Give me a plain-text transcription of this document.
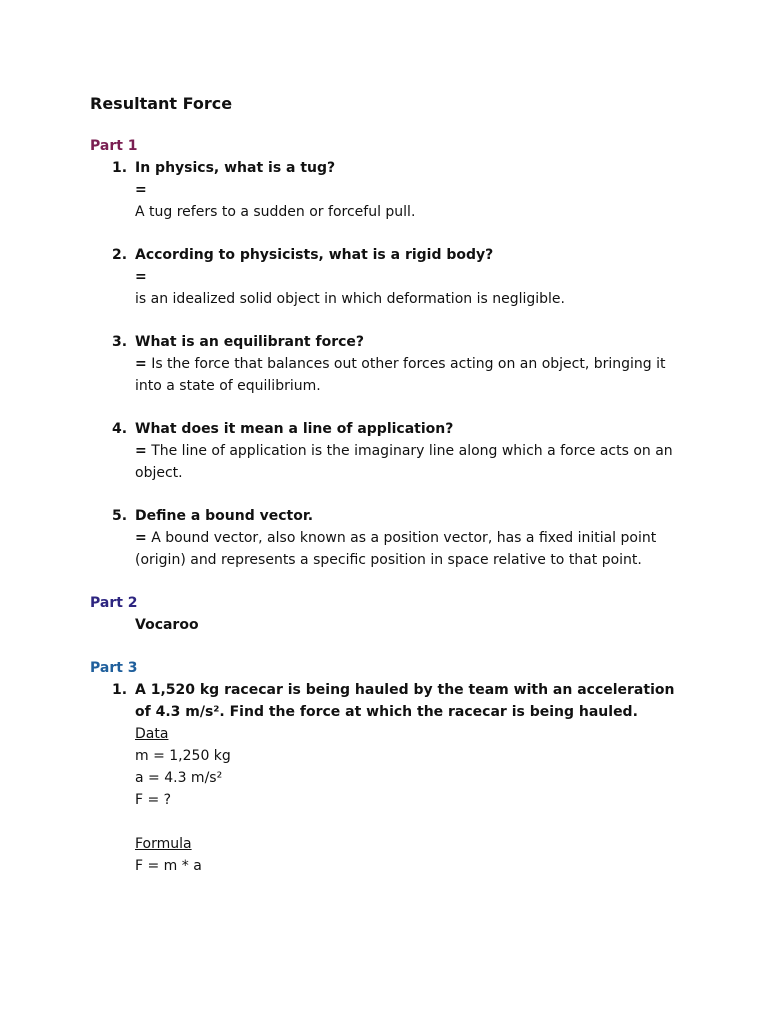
Resultant Force
Part 1
1. In physics, what is a tug?
=
A tug refers to a sudden or forceful pull.
2. According to physicists, what is a rigid body?
=
is an idealized solid object in which deformation is negligible.
3. What is an equilibrant force?
= Is the force that balances out other forces acting on an object, bringing it into a state of equilibrium.
4. What does it mean a line of application?
= The line of application is the imaginary line along which a force acts on an object.
5. Define a bound vector.
= A bound vector, also known as a position vector, has a fixed initial point (origin) and represents a specific position in space relative to that point.
Part 2
Vocaroo
Part 3
1. A 1,520 kg racecar is being hauled by the team with an acceleration of 4.3 m/s². Find the force at which the racecar is being hauled.
Data
m = 1,250 kg
a = 4.3 m/s²
F = ?
Formula
F = m * a
